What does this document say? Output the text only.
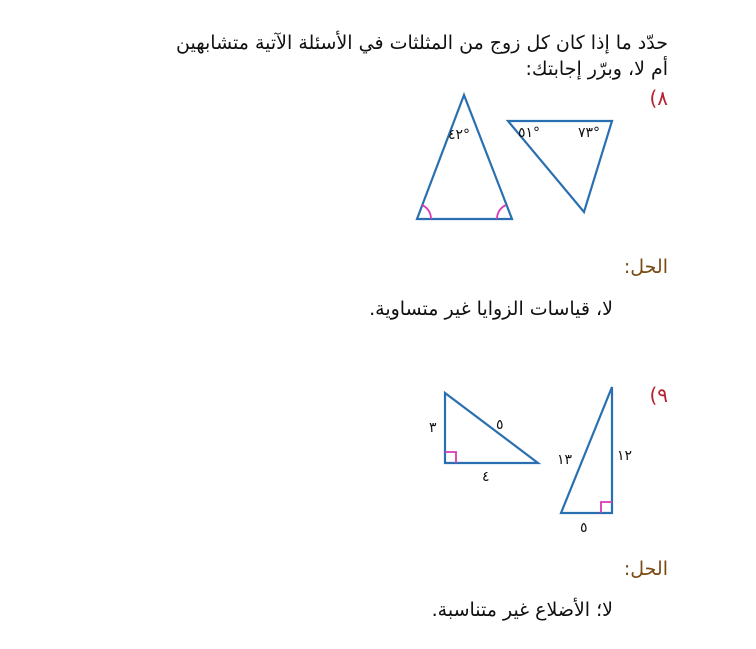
حدّد ما إذا كان كل زوج من المثلثات في الأسئلة الآتية متشابهين
أم لا، وبرّر إجابتك:
٨)
٤٢°	٥١°	٧٣°
٣	٥
٤
١٣	١٢
٥
الحل:
لا، قياسات الزوايا غير متساوية.
٩)
الحل:
لا؛ الأضلاع غير متناسبة.
